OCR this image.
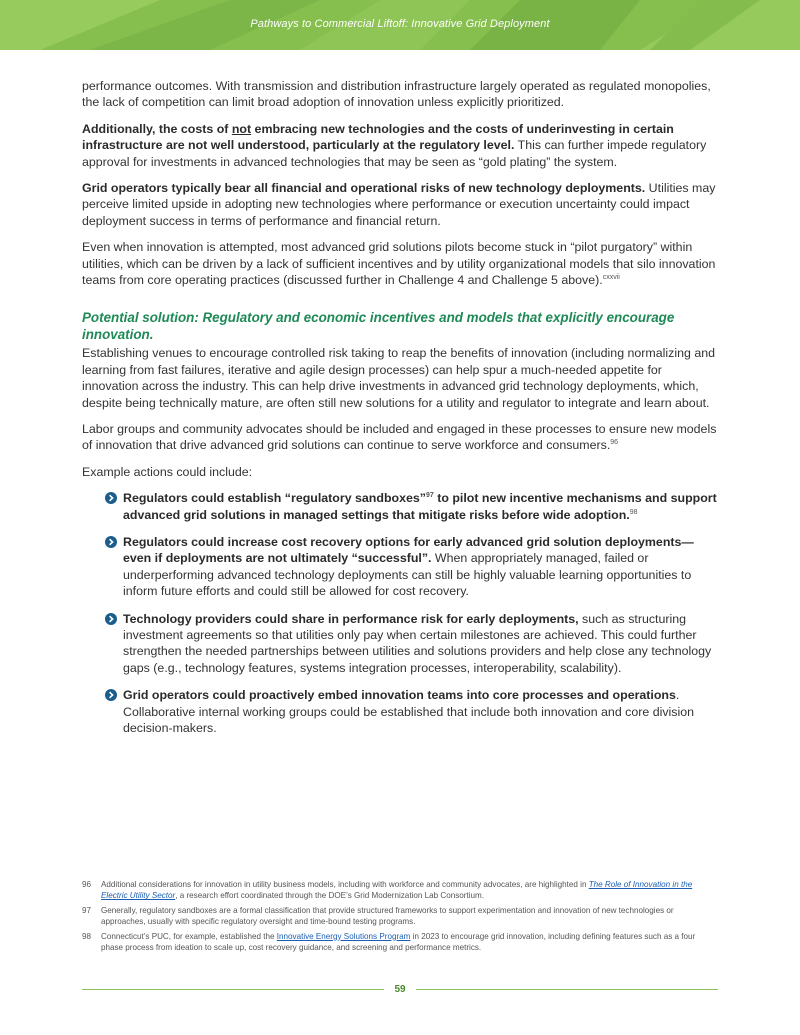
Pathways to Commercial Liftoff: Innovative Grid Deployment

performance outcomes. With transmission and distribution infrastructure largely operated as regulated monopolies, the lack of competition can limit broad adoption of innovation unless explicitly prioritized.

Additionally, the costs of not embracing new technologies and the costs of underinvesting in certain infrastructure are not well understood, particularly at the regulatory level. This can further impede regulatory approval for investments in advanced technologies that may be seen as “gold plating” the system.

Grid operators typically bear all financial and operational risks of new technology deployments. Utilities may perceive limited upside in adopting new technologies where performance or execution uncertainty could impact deployment success in terms of performance and financial return.

Even when innovation is attempted, most advanced grid solutions pilots become stuck in “pilot purgatory” within utilities, which can be driven by a lack of sufficient incentives and by utility organizational models that silo innovation teams from core operating practices (discussed further in Challenge 4 and Challenge 5 above).$^{cxxvii}$

Potential solution: Regulatory and economic incentives and models that explicitly encourage innovation.

Establishing venues to encourage controlled risk taking to reap the benefits of innovation (including normalizing and learning from fast failures, iterative and agile design processes) can help spur a much-needed appetite for innovation across the industry. This can help drive investments in advanced grid technology deployments, which, despite being technically mature, are often still new solutions for a utility and regulator to integrate and learn about.

Labor groups and community advocates should be included and engaged in these processes to ensure new models of innovation that drive advanced grid solutions can continue to serve workforce and consumers.$^{96}$

Example actions could include:

Regulators could establish “regulatory sandboxes”$^{97}$ to pilot new incentive mechanisms and support advanced grid solutions in managed settings that mitigate risks before wide adoption.$^{98}$
Regulators could increase cost recovery options for early advanced grid solution deployments—even if deployments are not ultimately “successful”. When appropriately managed, failed or underperforming advanced technology deployments can still be highly valuable learning opportunities to inform future efforts and could still be allowed for cost recovery.
Technology providers could share in performance risk for early deployments, such as structuring investment agreements so that utilities only pay when certain milestones are achieved. This could further strengthen the needed partnerships between utilities and solutions providers and help close any technology gaps (e.g., technology features, systems integration processes, interoperability, scalability).
Grid operators could proactively embed innovation teams into core processes and operations. Collaborative internal working groups could be established that include both innovation and core division decision-makers.
96 Additional considerations for innovation in utility business models, including with workforce and community advocates, are highlighted in The Role of Innovation in the Electric Utility Sector, a research effort coordinated through the DOE’s Grid Modernization Lab Consortium.
97 Generally, regulatory sandboxes are a formal classification that provide structured frameworks to support experimentation and innovation of new technologies or approaches, usually with specific regulatory oversight and time-bound testing programs.
98 Connecticut’s PUC, for example, established the Innovative Energy Solutions Program in 2023 to encourage grid innovation, including defining features such as a four phase process from ideation to scale up, cost recovery guidance, and screening and performance metrics.
59
